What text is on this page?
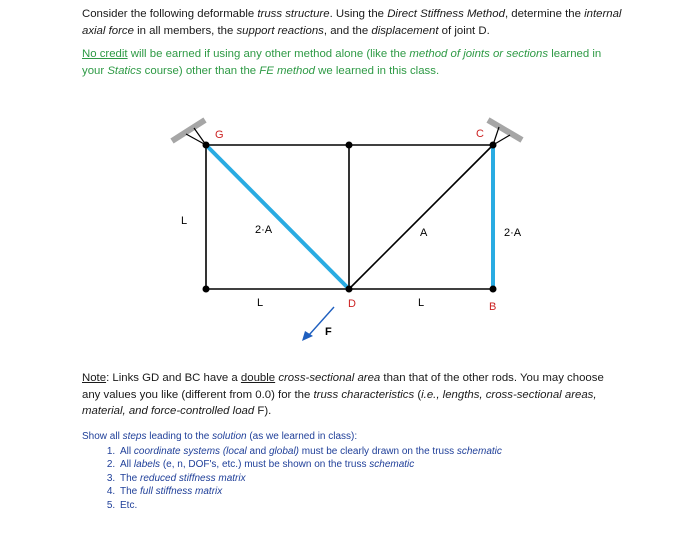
Consider the following deformable truss structure. Using the Direct Stiffness Method, determine the internal axial force in all members, the support reactions, and the displacement of joint D.
No credit will be earned if using any other method alone (like the method of joints or sections learned in your Statics course) other than the FE method we learned in this class.
G	C
D	B
L
L	L
2·A	A	2·A
F
Note: Links GD and BC have a double cross-sectional area than that of the other rods. You may choose any values you like (different from 0.0) for the truss characteristics (i.e., lengths, cross-sectional areas, material, and force-controlled load F).
Show all steps leading to the solution (as we learned in class):
1. All coordinate systems (local and global) must be clearly drawn on the truss schematic
2. All labels (e, n, DOF's, etc.) must be shown on the truss schematic
3. The reduced stiffness matrix
4. The full stiffness matrix
5. Etc.
